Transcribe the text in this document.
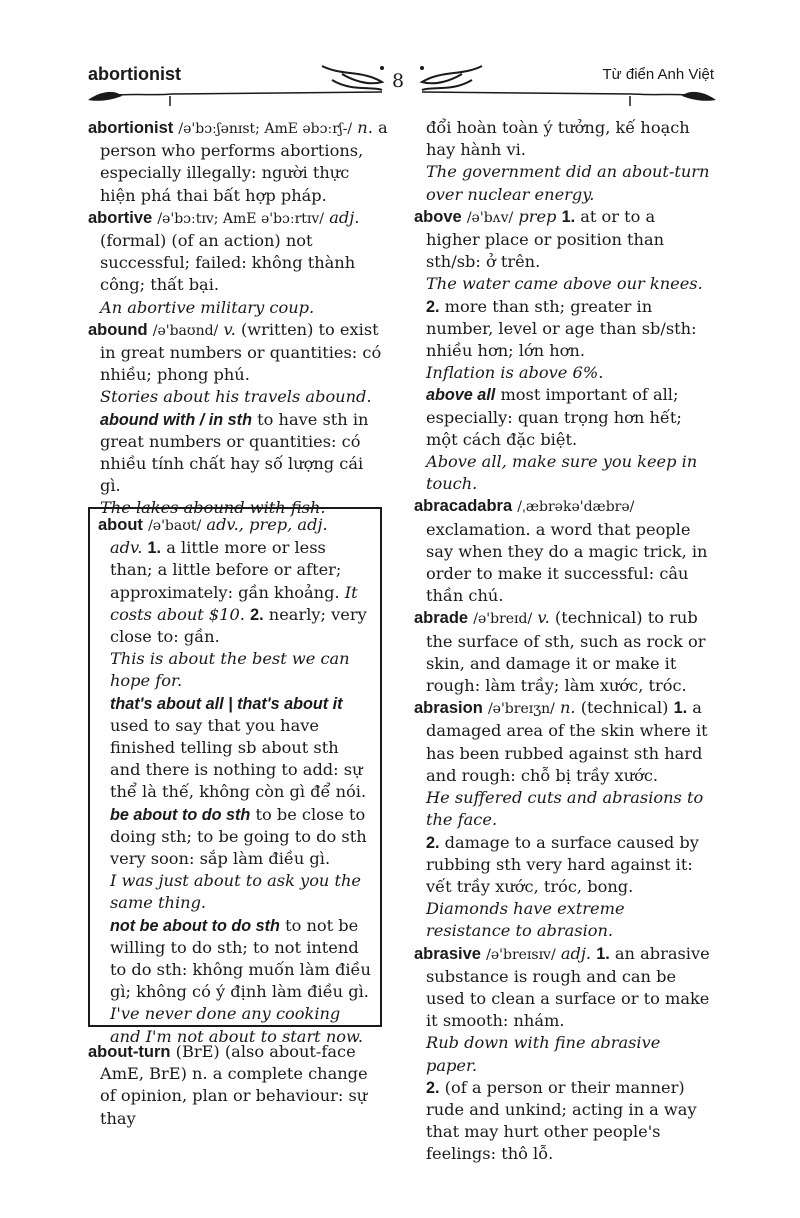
abortionist	8	Từ điển Anh Việt

abortionist /ə'bɔːʃənɪst; AmE əbɔːrʃ-/ n. a person who performs abortions, especially illegally: người thực hiện phá thai bất hợp pháp.

abortive /ə'bɔːtɪv; AmE ə'bɔːrtɪv/ adj. (formal) (of an action) not successful; failed: không thành công; thất bại.

An abortive military coup.

abound /ə'baʊnd/ v. (written) to exist in great numbers or quantities: có nhiều; phong phú.

Stories about his travels abound.

abound with / in sth to have sth in great numbers or quantities: có nhiều tính chất hay số lượng cái gì.

The lakes abound with fish.

about /ə'baʊt/ adv., prep, adj.

adv. 1. a little more or less than; a little before or after; approximately: gần khoảng. It costs about $10. 2. nearly; very close to: gần.

This is about the best we can hope for.

that's about all | that's about it used to say that you have finished telling sb about sth and there is nothing to add: sự thể là thế, không còn gì để nói.

be about to do sth to be close to doing sth; to be going to do sth very soon: sắp làm điều gì.

I was just about to ask you the same thing.

not be about to do sth to not be willing to do sth; to not intend to do sth: không muốn làm điều gì; không có ý định làm điều gì.

I've never done any cooking and I'm not about to start now.

about-turn (BrE) (also about-face AmE, BrE) n. a complete change of opinion, plan or behaviour: sự thay

đổi hoàn toàn ý tưởng, kế hoạch hay hành vi.

The government did an about-turn over nuclear energy.

above /ə'bʌv/ prep 1. at or to a higher place or position than sth/sb: ở trên.

The water came above our knees.

2. more than sth; greater in number, level or age than sb/sth: nhiều hơn; lớn hơn.

Inflation is above 6%.

above all most important of all; especially: quan trọng hơn hết; một cách đặc biệt.

Above all, make sure you keep in touch.

abracadabra /ˌæbrəkə'dæbrə/ exclamation. a word that people say when they do a magic trick, in order to make it successful: câu thần chú.

abrade /ə'breɪd/ v. (technical) to rub the surface of sth, such as rock or skin, and damage it or make it rough: làm trầy; làm xước, tróc.

abrasion /ə'breɪʒn/ n. (technical) 1. a damaged area of the skin where it has been rubbed against sth hard and rough: chỗ bị trầy xước.

He suffered cuts and abrasions to the face.

2. damage to a surface caused by rubbing sth very hard against it: vết trầy xước, tróc, bong.

Diamonds have extreme resistance to abrasion.

abrasive /ə'breɪsɪv/ adj. 1. an abrasive substance is rough and can be used to clean a surface or to make it smooth: nhám.

Rub down with fine abrasive paper.

2. (of a person or their manner) rude and unkind; acting in a way that may hurt other people's feelings: thô lỗ.
